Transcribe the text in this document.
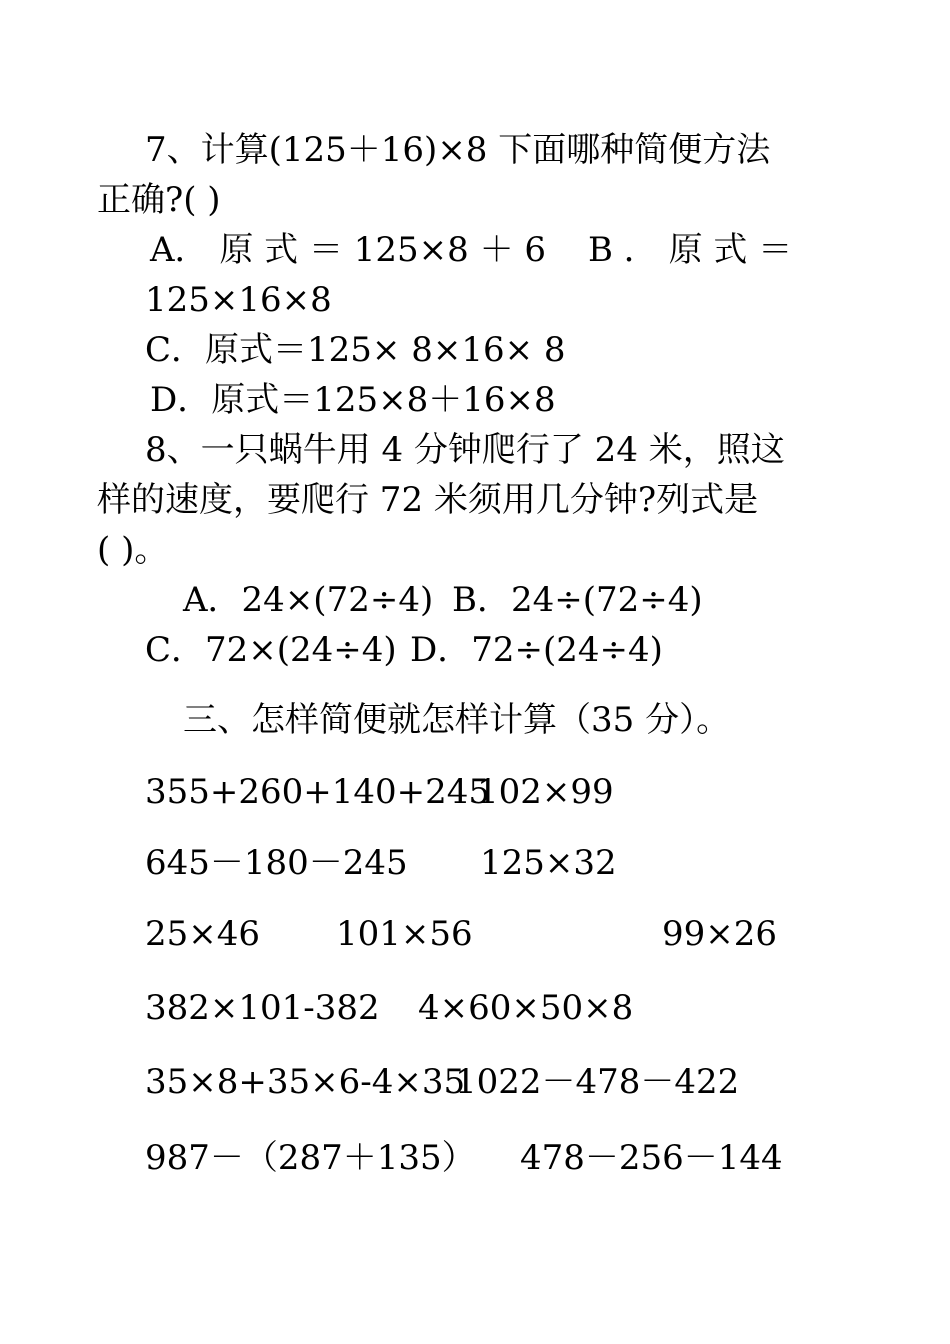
7、计算(125＋16)×8 下面哪种简便方法
正确?( )
A． 原 式 ＝ 125×8 ＋ 6 B ． 原 式 ＝
125×16×8
C．原式＝125× 8×16× 8
D．原式＝125×8＋16×8
8、一只蜗牛用 4 分钟爬行了 24 米，照这
样的速度，要爬行 72 米须用几分钟?列式是
( )。
A．24×(72÷4) B．24÷(72÷4)
C．72×(24÷4) D．72÷(24÷4)
三、怎样简便就怎样计算（35 分）。
355+260+140+245
102×99
645－180－245 125×32
25×46 101×56	99×26
382×101-382 4×60×50×8
35×8+35×6-4×35
1022－478－422
987－（287＋135） 478－256－144
